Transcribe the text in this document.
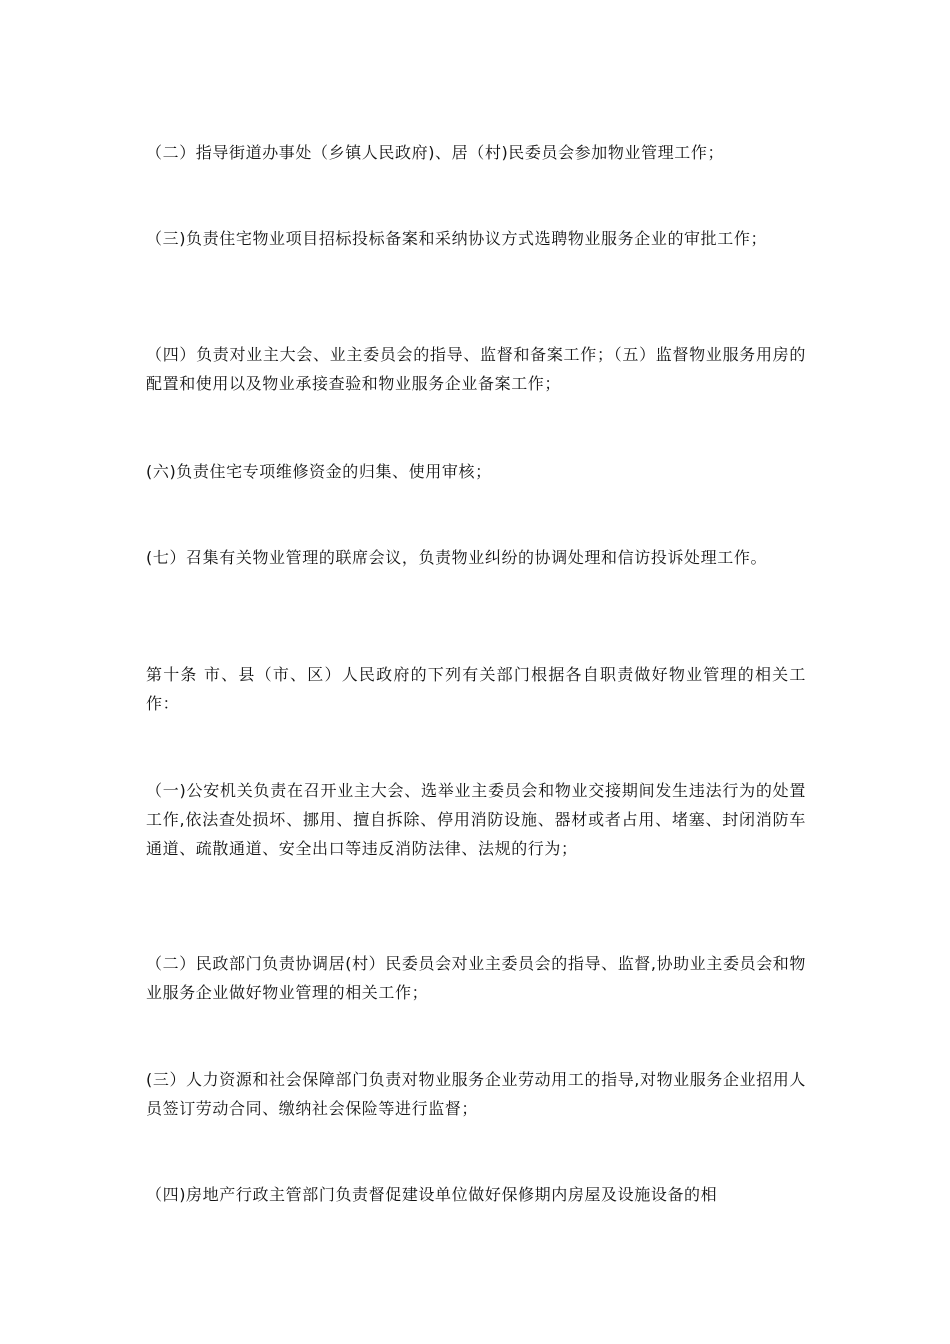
（二）指导街道办事处（乡镇人民政府)、居（村)民委员会参加物业管理工作；

（三)负责住宅物业项目招标投标备案和采纳协议方式选聘物业服务企业的审批工作；

（四）负责对业主大会、业主委员会的指导、监督和备案工作；（五）监督物业服务用房的配置和使用以及物业承接查验和物业服务企业备案工作；

(六)负责住宅专项维修资金的归集、使用审核；

(七）召集有关物业管理的联席会议，负责物业纠纷的协调处理和信访投诉处理工作。

第十条 市、县（市、区）人民政府的下列有关部门根据各自职责做好物业管理的相关工作：

（一)公安机关负责在召开业主大会、选举业主委员会和物业交接期间发生违法行为的处置工作,依法查处损坏、挪用、擅自拆除、停用消防设施、器材或者占用、堵塞、封闭消防车通道、疏散通道、安全出口等违反消防法律、法规的行为；

（二）民政部门负责协调居(村）民委员会对业主委员会的指导、监督,协助业主委员会和物业服务企业做好物业管理的相关工作；

(三）人力资源和社会保障部门负责对物业服务企业劳动用工的指导,对物业服务企业招用人员签订劳动合同、缴纳社会保险等进行监督；

（四)房地产行政主管部门负责督促建设单位做好保修期内房屋及设施设备的相
